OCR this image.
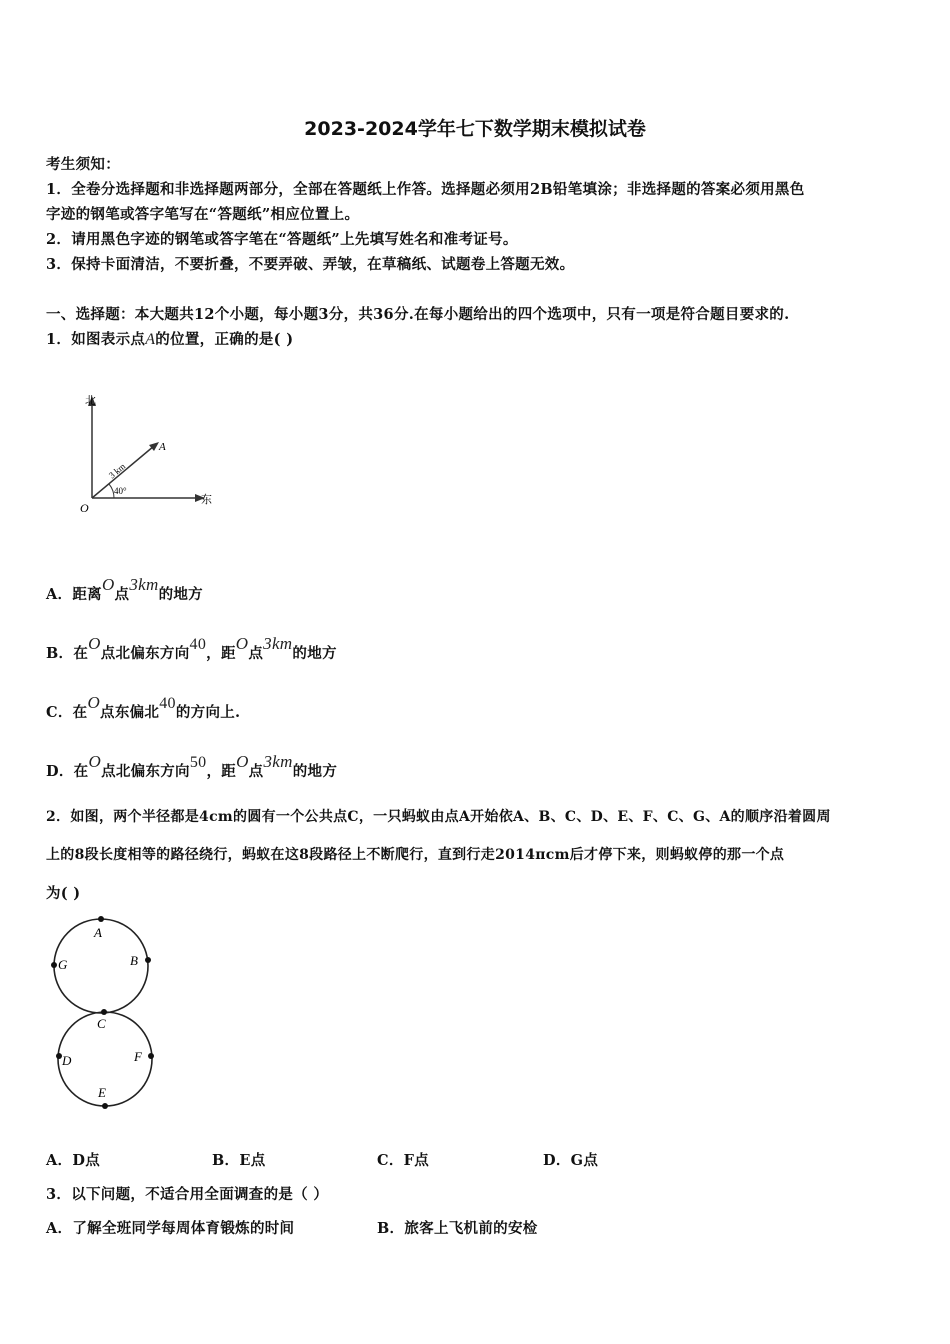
2023-2024学年七下数学期末模拟试卷
考生须知：
1．全卷分选择题和非选择题两部分，全部在答题纸上作答。选择题必须用2B铅笔填涂；非选择题的答案必须用黑色
字迹的钢笔或答字笔写在“答题纸”相应位置上。
2．请用黑色字迹的钢笔或答字笔在“答题纸”上先填写姓名和准考证号。
3．保持卡面清洁，不要折叠，不要弄破、弄皱，在草稿纸、试题卷上答题无效。
一、选择题：本大题共12个小题，每小题3分，共36分.在每小题给出的四个选项中，只有一项是符合题目要求的.
1．如图表示点A的位置，正确的是( )
北
东
O
A
3 km
40°
A．距离O点3km的地方
B．在O点北偏东方向40，距O点3km的地方
C．在O点东偏北40的方向上.
D．在O点北偏东方向50，距O点3km的地方
2．如图，两个半径都是4cm的圆有一个公共点C，一只蚂蚁由点A开始依A、B、C、D、E、F、C、G、A的顺序沿着圆周
上的8段长度相等的路径绕行，蚂蚁在这8段路径上不断爬行，直到行走2014πcm后才停下来，则蚂蚁停的那一个点
为( )
A
B
G
C
D	F
E
A．D点	B．E点	C．F点	D．G点
3．以下问题，不适合用全面调查的是（ ）
A．了解全班同学每周体育锻炼的时间	B．旅客上飞机前的安检
